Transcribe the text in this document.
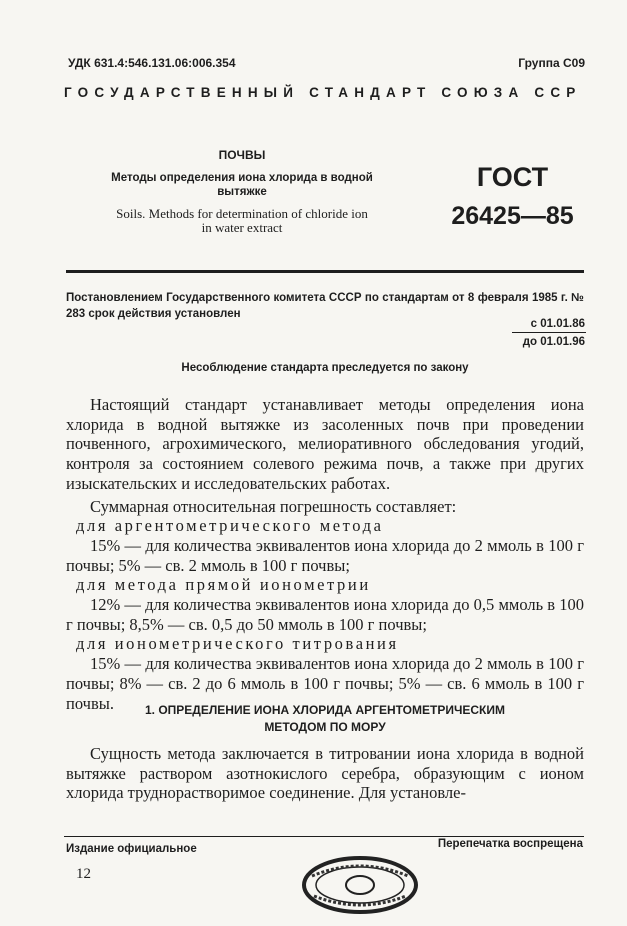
УДК 631.4:546.131.06:006.354	Группа С09
ГОСУДАРСТВЕННЫЙ СТАНДАРТ СОЮЗА ССР
ПОЧВЫ
Методы определения иона хлорида в водной вытяжке
Soils. Methods for determination of chloride ion
in water extract
ГОСТ
26425—85
Постановлением Государственного комитета СССР по стандартам от 8 февраля 1985 г. № 283 срок действия установлен
с 01.01.86
до 01.01.96
Несоблюдение стандарта преследуется по закону

Настоящий стандарт устанавливает методы определения иона хлорида в водной вытяжке из засоленных почв при проведении почвенного, агрохимического, мелиоративного обследования угодий, контроля за состоянием солевого режима почв, а также при других изыскательских и исследовательских работах.

Суммарная относительная погрешность составляет:

для аргентометрического метода

15% — для количества эквивалентов иона хлорида до 2 ммоль в 100 г почвы; 5% — св. 2 ммоль в 100 г почвы;

для метода прямой ионометрии

12% — для количества эквивалентов иона хлорида до 0,5 ммоль в 100 г почвы; 8,5% — св. 0,5 до 50 ммоль в 100 г почвы;

для ионометрического титрования

15% — для количества эквивалентов иона хлорида до 2 ммоль в 100 г почвы; 8% — св. 2 до 6 ммоль в 100 г почвы; 5% — св. 6 ммоль в 100 г почвы.	1. ОПРЕДЕЛЕНИЕ ИОНА ХЛОРИДА АРГЕНТОМЕТРИЧЕСКИМ
МЕТОДОМ ПО МОРУ

Сущность метода заключается в титровании иона хлорида в водной вытяжке раствором азотнокислого серебра, образующим с ионом хлорида труднорастворимое соединение. Для установле-

Издание официальное	Перепечатка воспрещена
12
